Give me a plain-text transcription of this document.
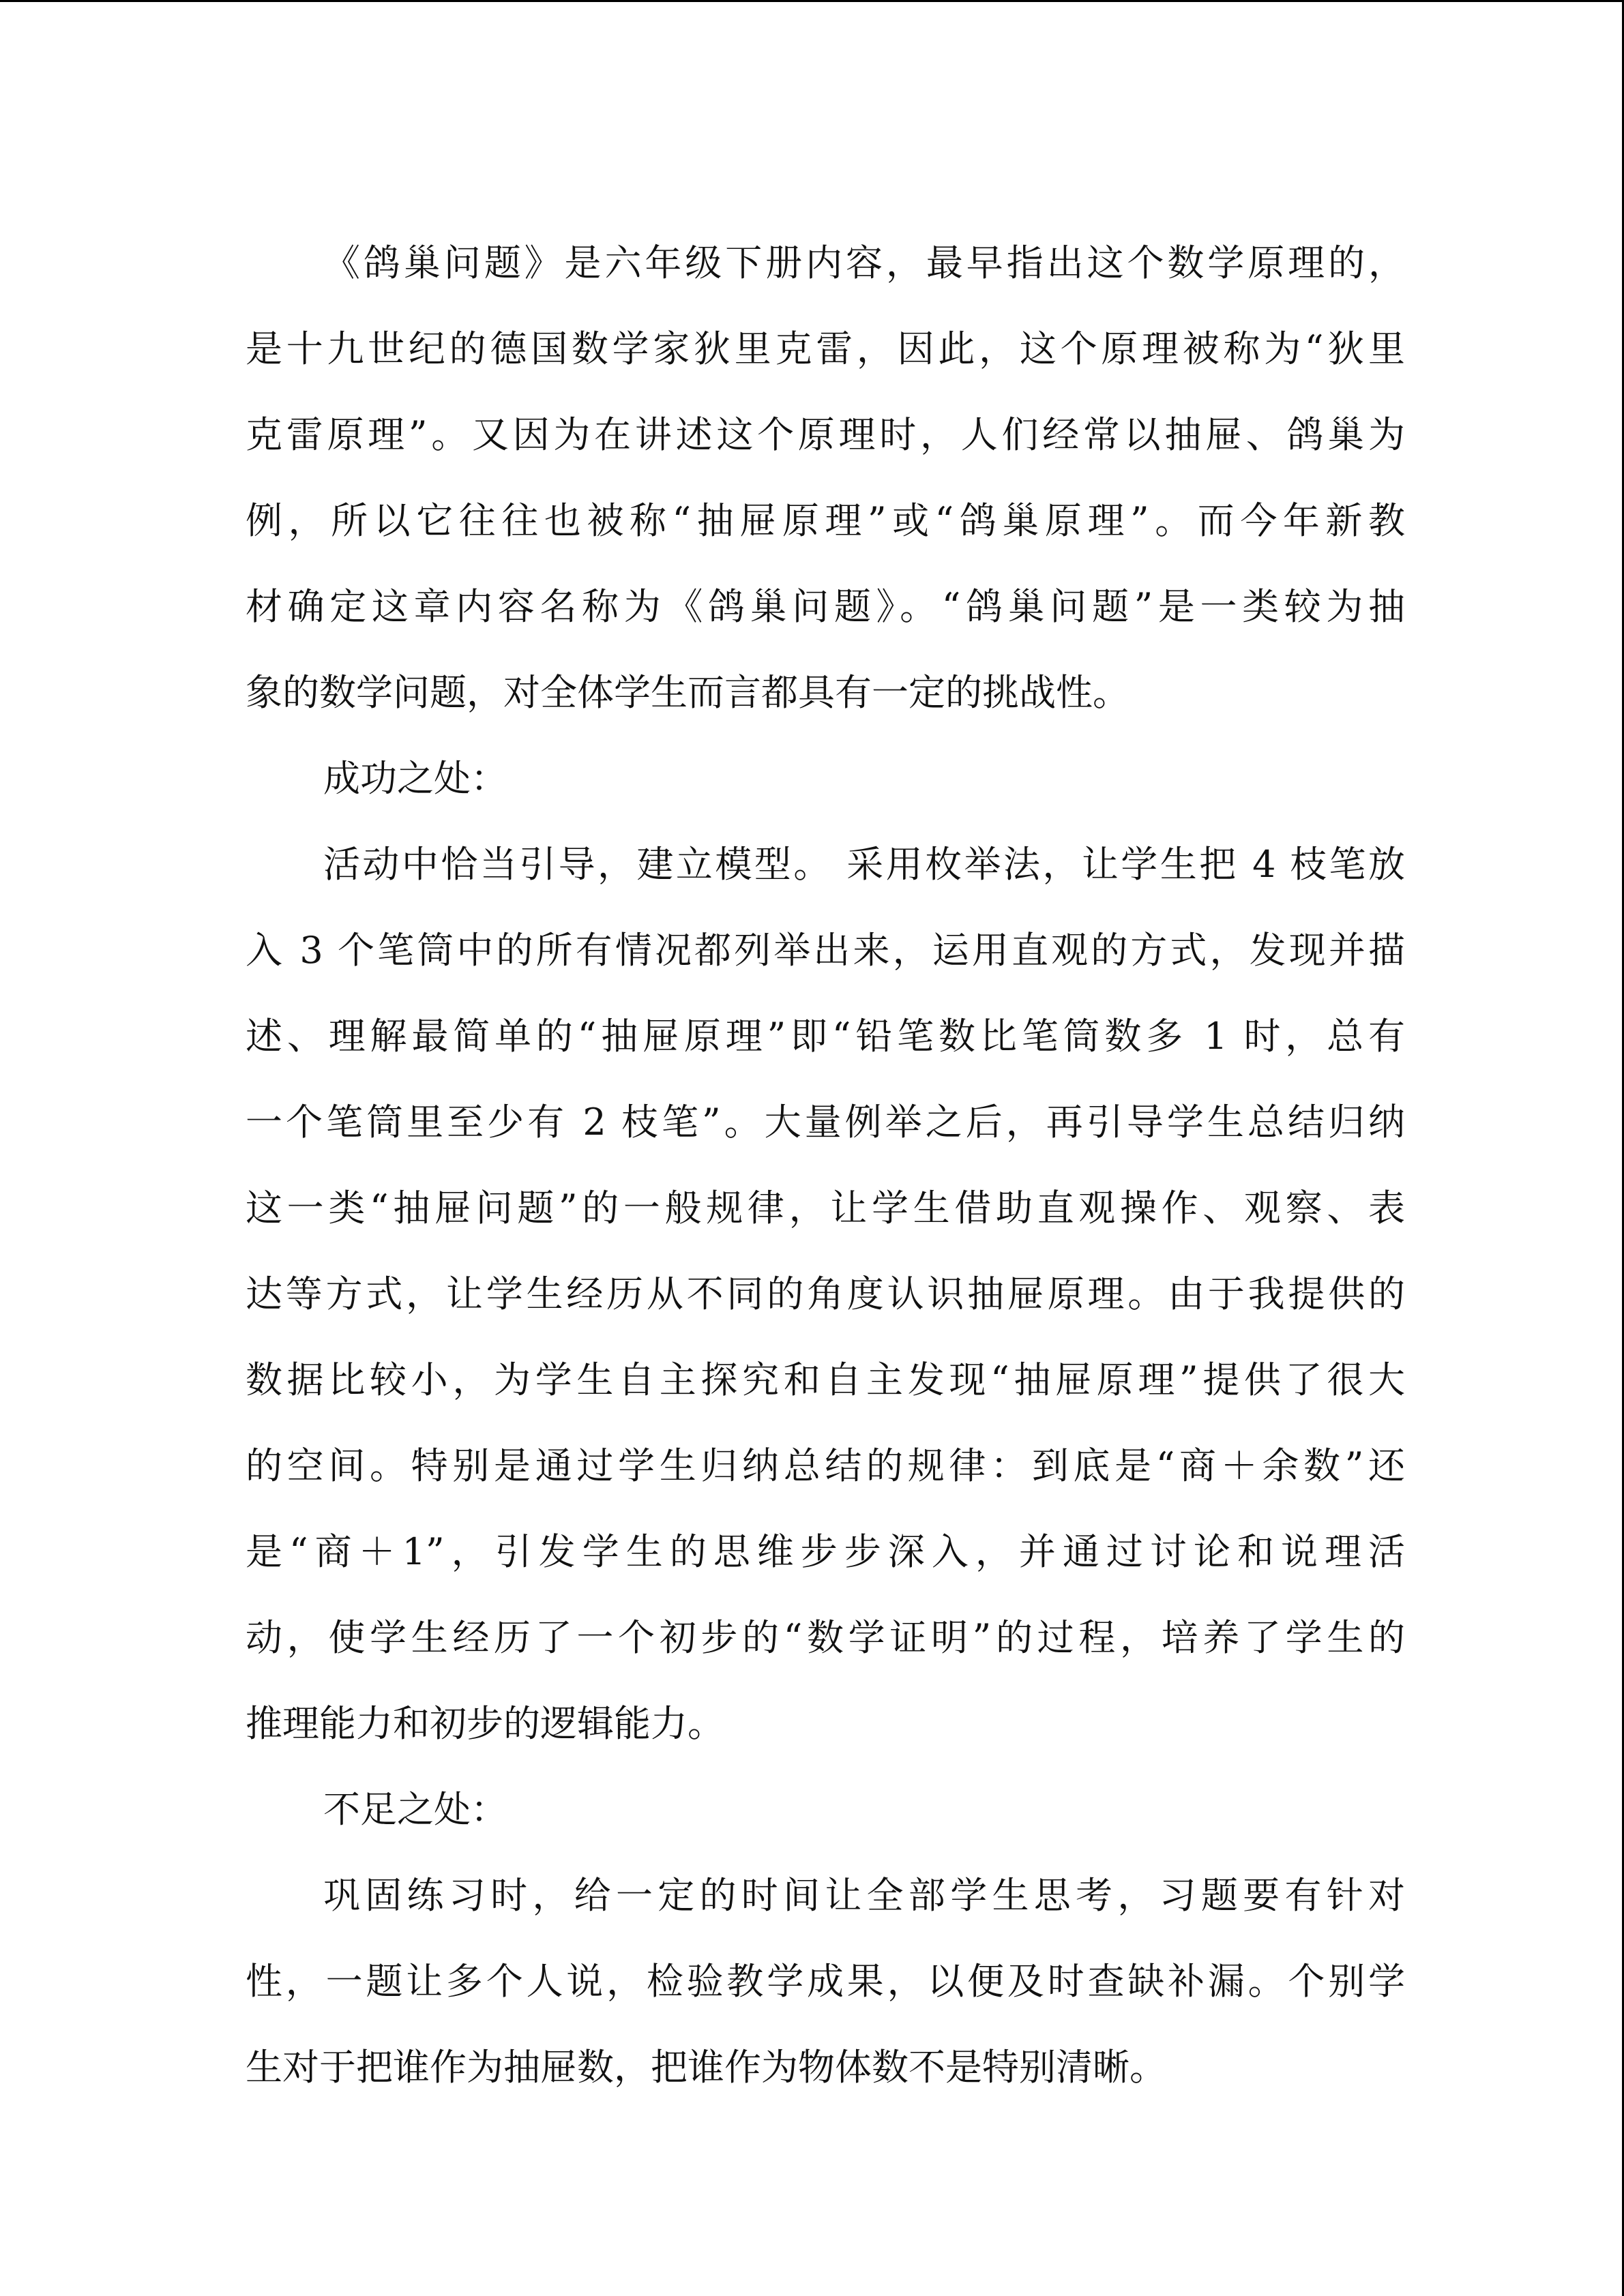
《鸽巢问题》是六年级下册内容，最早指出这个数学原理的，
是十九世纪的德国数学家狄里克雷，因此，这个原理被称为“狄里
克雷原理”。又因为在讲述这个原理时，人们经常以抽屉、鸽巢为
例，所以它往往也被称“抽屉原理”或“鸽巢原理”。而今年新教
材确定这章内容名称为《鸽巢问题》。“鸽巢问题”是一类较为抽
象的数学问题，对全体学生而言都具有一定的挑战性。
成功之处：
活动中恰当引导，建立模型。 采用枚举法，让学生把 4 枝笔放
入 3 个笔筒中的所有情况都列举出来，运用直观的方式，发现并描
述、理解最简单的“抽屉原理”即“铅笔数比笔筒数多 1 时，总有
一个笔筒里至少有 2 枝笔”。大量例举之后，再引导学生总结归纳
这一类“抽屉问题”的一般规律，让学生借助直观操作、观察、表
达等方式，让学生经历从不同的角度认识抽屉原理。由于我提供的
数据比较小，为学生自主探究和自主发现“抽屉原理”提供了很大
的空间。特别是通过学生归纳总结的规律：到底是“商＋余数”还
是“商＋1”，引发学生的思维步步深入，并通过讨论和说理活
动，使学生经历了一个初步的“数学证明”的过程，培养了学生的
推理能力和初步的逻辑能力。
不足之处：
巩固练习时，给一定的时间让全部学生思考，习题要有针对
性，一题让多个人说，检验教学成果，以便及时查缺补漏。个别学
生对于把谁作为抽屉数，把谁作为物体数不是特别清晰。
